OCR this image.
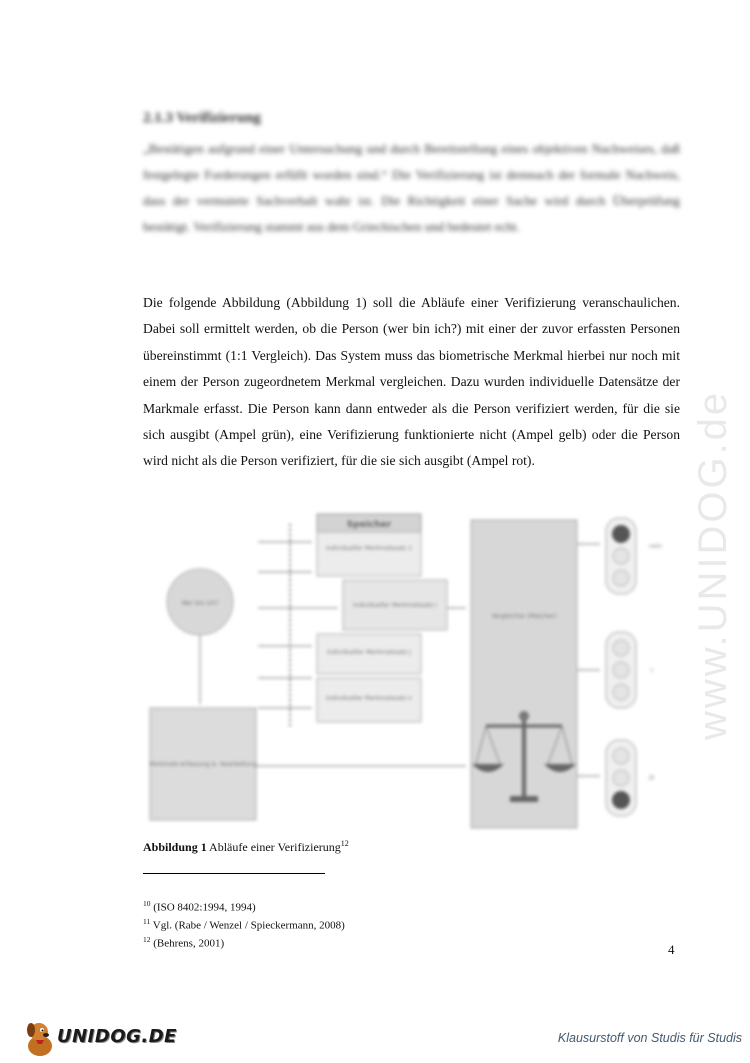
2.1.3 Verifizierung
„Bestätigen aufgrund einer Untersuchung und durch Bereitstellung eines objektiven Nachweises, daß festgelegte Forderungen erfüllt worden sind.“ Die Verifizierung ist demnach der formale Nachweis, dass der vermutete Sachverhalt wahr ist. Die Richtigkeit einer Sache wird durch Überprüfung bestätigt. Verifizierung stammt aus dem Griechischen und bedeutet echt.
Die folgende Abbildung (Abbildung 1) soll die Abläufe einer Verifizierung veranschaulichen. Dabei soll ermittelt werden, ob die Person (wer bin ich?) mit einer der zuvor erfassten Personen übereinstimmt (1:1 Vergleich). Das System muss das biometrische Merkmal hierbei nur noch mit einem der Person zugeordnetem Merkmal vergleichen. Dazu wurden individuelle Datensätze der Markmale erfasst. Die Person kann dann entweder als die Person verifiziert werden, für die sie sich ausgibt (Ampel grün), eine Verifizierung funktionierte nicht (Ampel gelb) oder die Person wird nicht als die Person verifiziert, für die sie sich ausgibt (Ampel rot).	www.UNIDOG.de
Speicher
Individueller Merkmalssatz 1
Individueller Merkmalssatz i
Individueller Merkmalssatz j
Individueller Merkmalssatz n
Wer bin ich?
Merkmals-erfassung & -bearbeitung
Vergleicher (Matcher)
nein
?
ja
Abbildung 1 Abläufe einer Verifizierung$^{12}$
$^{10}$ (ISO 8402:1994, 1994)
$^{11}$ Vgl. (Rabe / Wenzel / Spieckermann, 2008)
$^{12}$ (Behrens, 2001)	4
UNIDOG.DE	Klausurstoff von Studis für Studis
